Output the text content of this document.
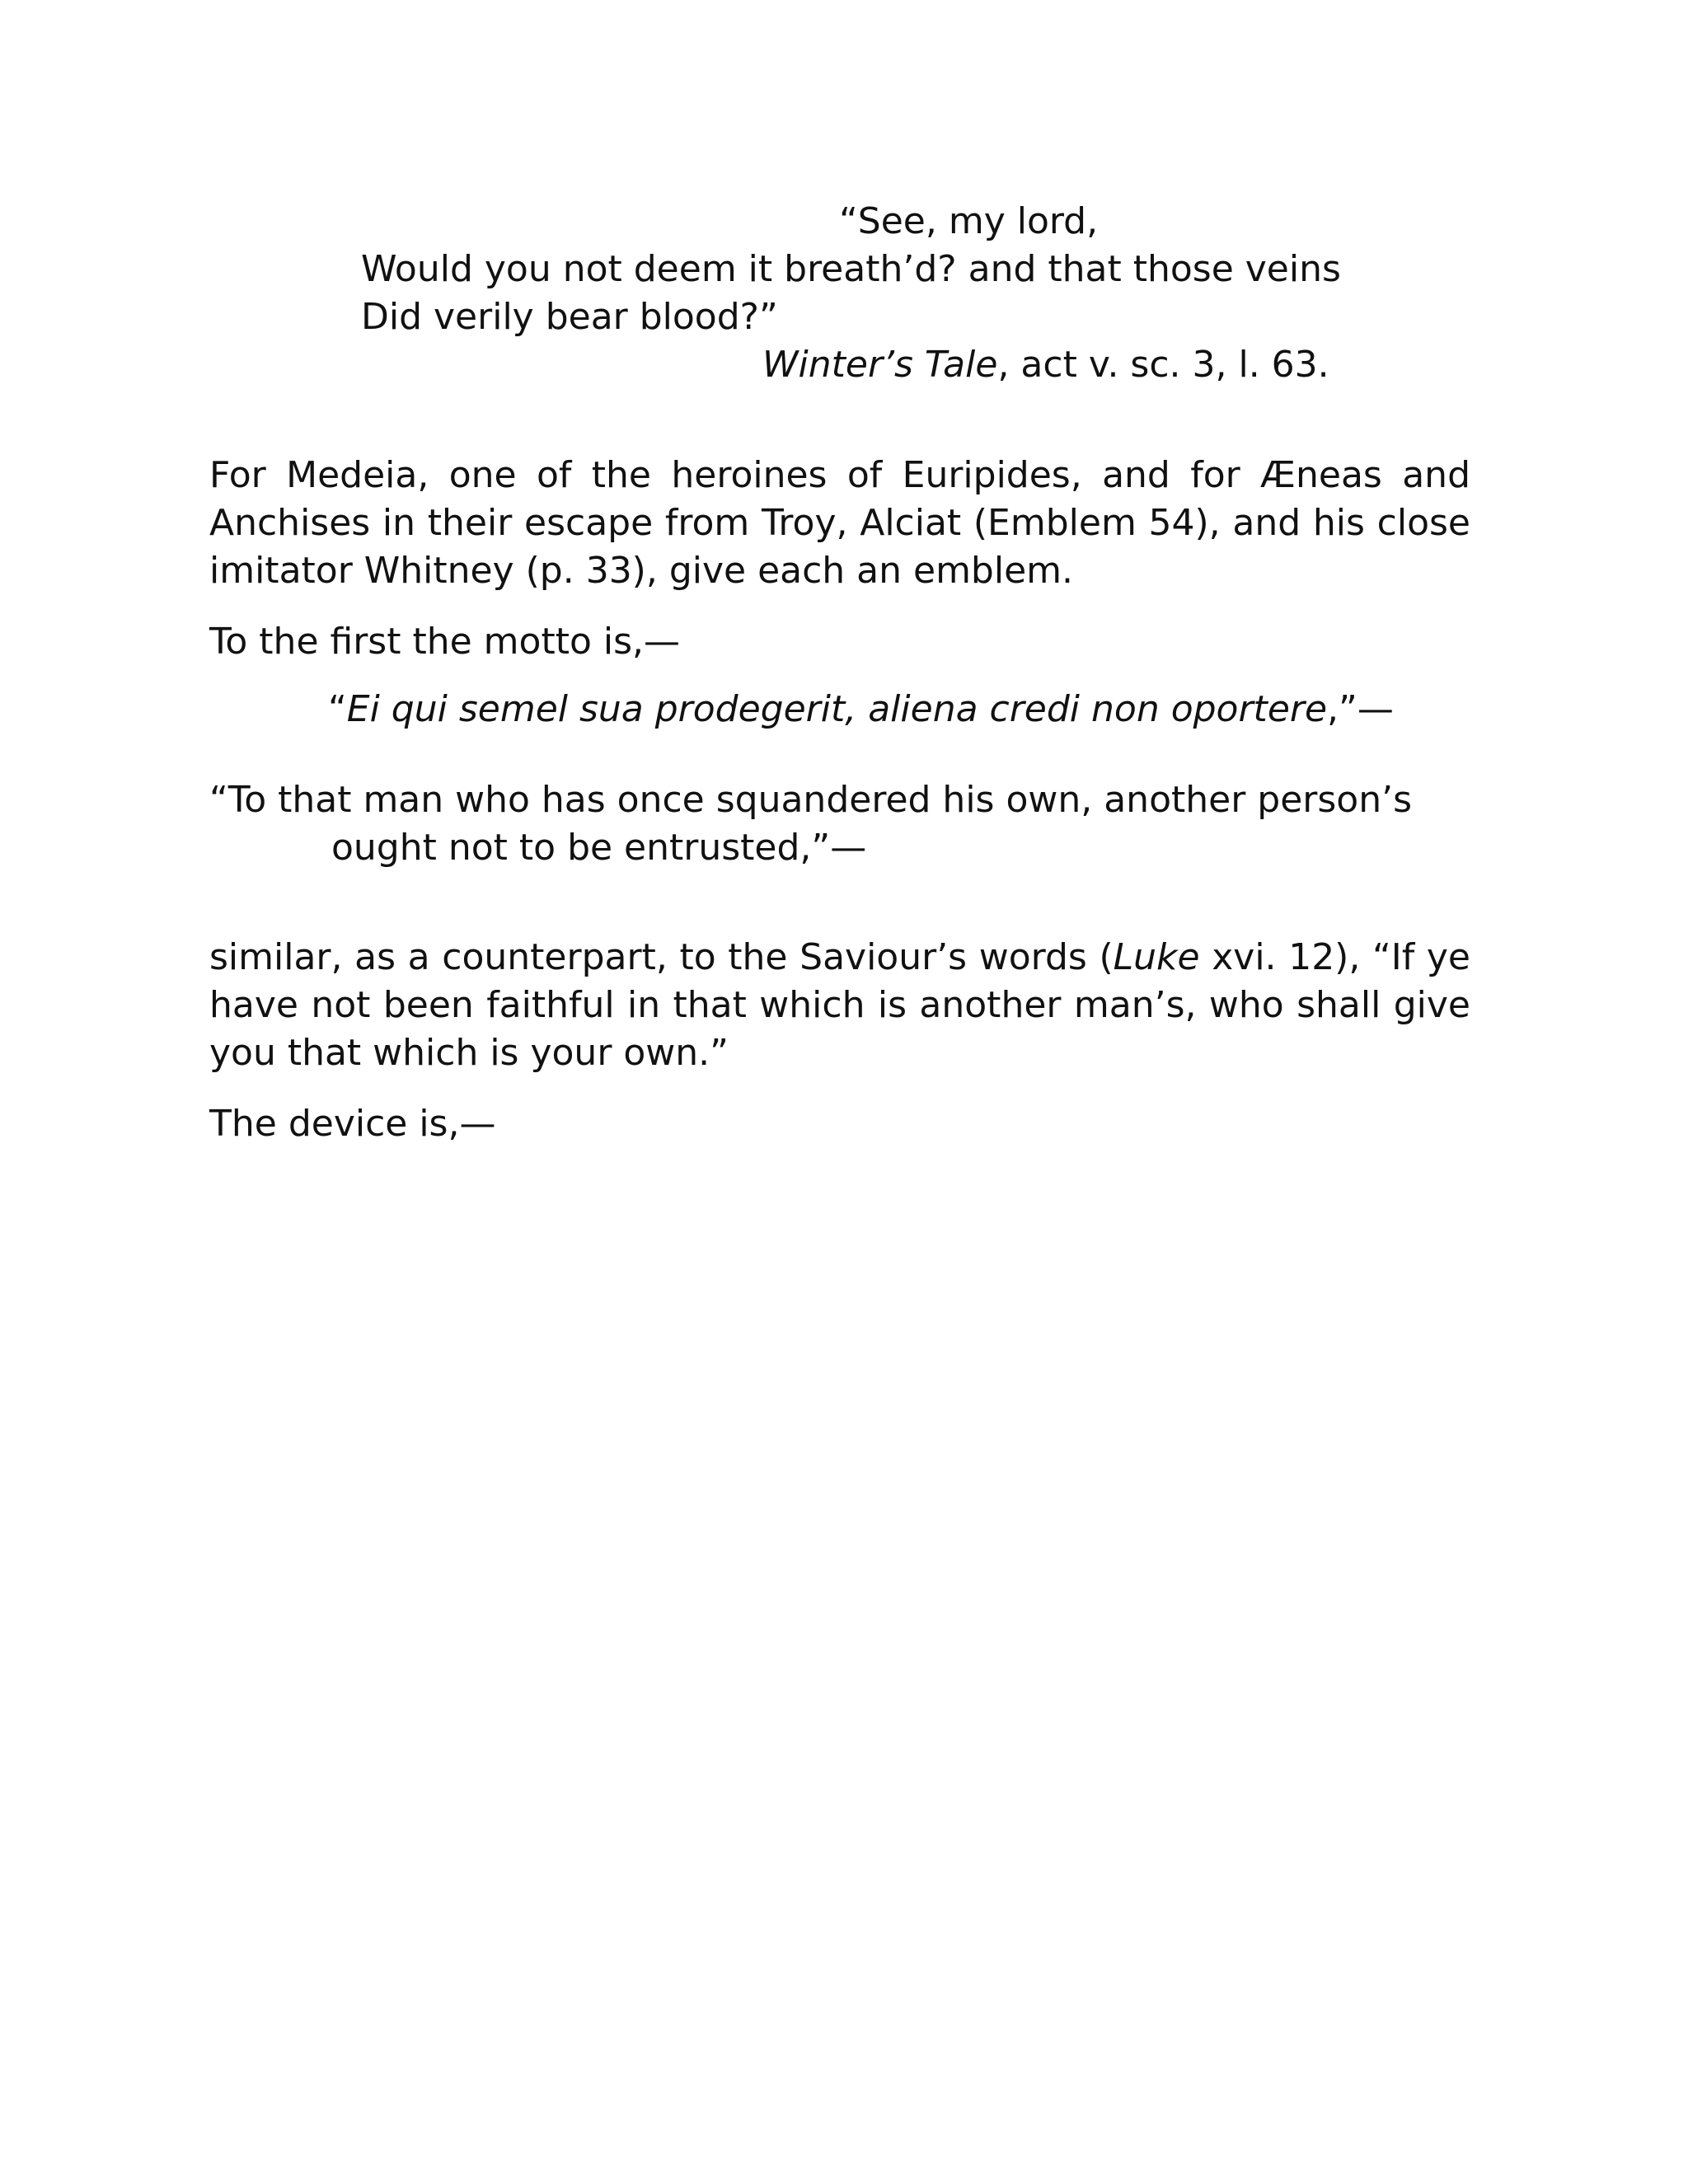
“See, my lord,
Would you not deem it breath’d? and that those veins
Did verily bear blood?”
Winter’s Tale, act v. sc. 3, l. 63.
For Medeia, one of the heroines of Euripides, and for Æneas and
Anchises in their escape from Troy, Alciat (Emblem 54), and his close
imitator Whitney (p. 33), give each an emblem.
To the first the motto is,—
“Ei qui semel sua prodegerit, aliena credi non oportere,”—
“To that man who has once squandered his own, another person’s
ought not to be entrusted,”—
similar, as a counterpart, to the Saviour’s words (Luke xvi. 12), “If ye
have not been faithful in that which is another man’s, who shall give
you that which is your own.”
The device is,—
